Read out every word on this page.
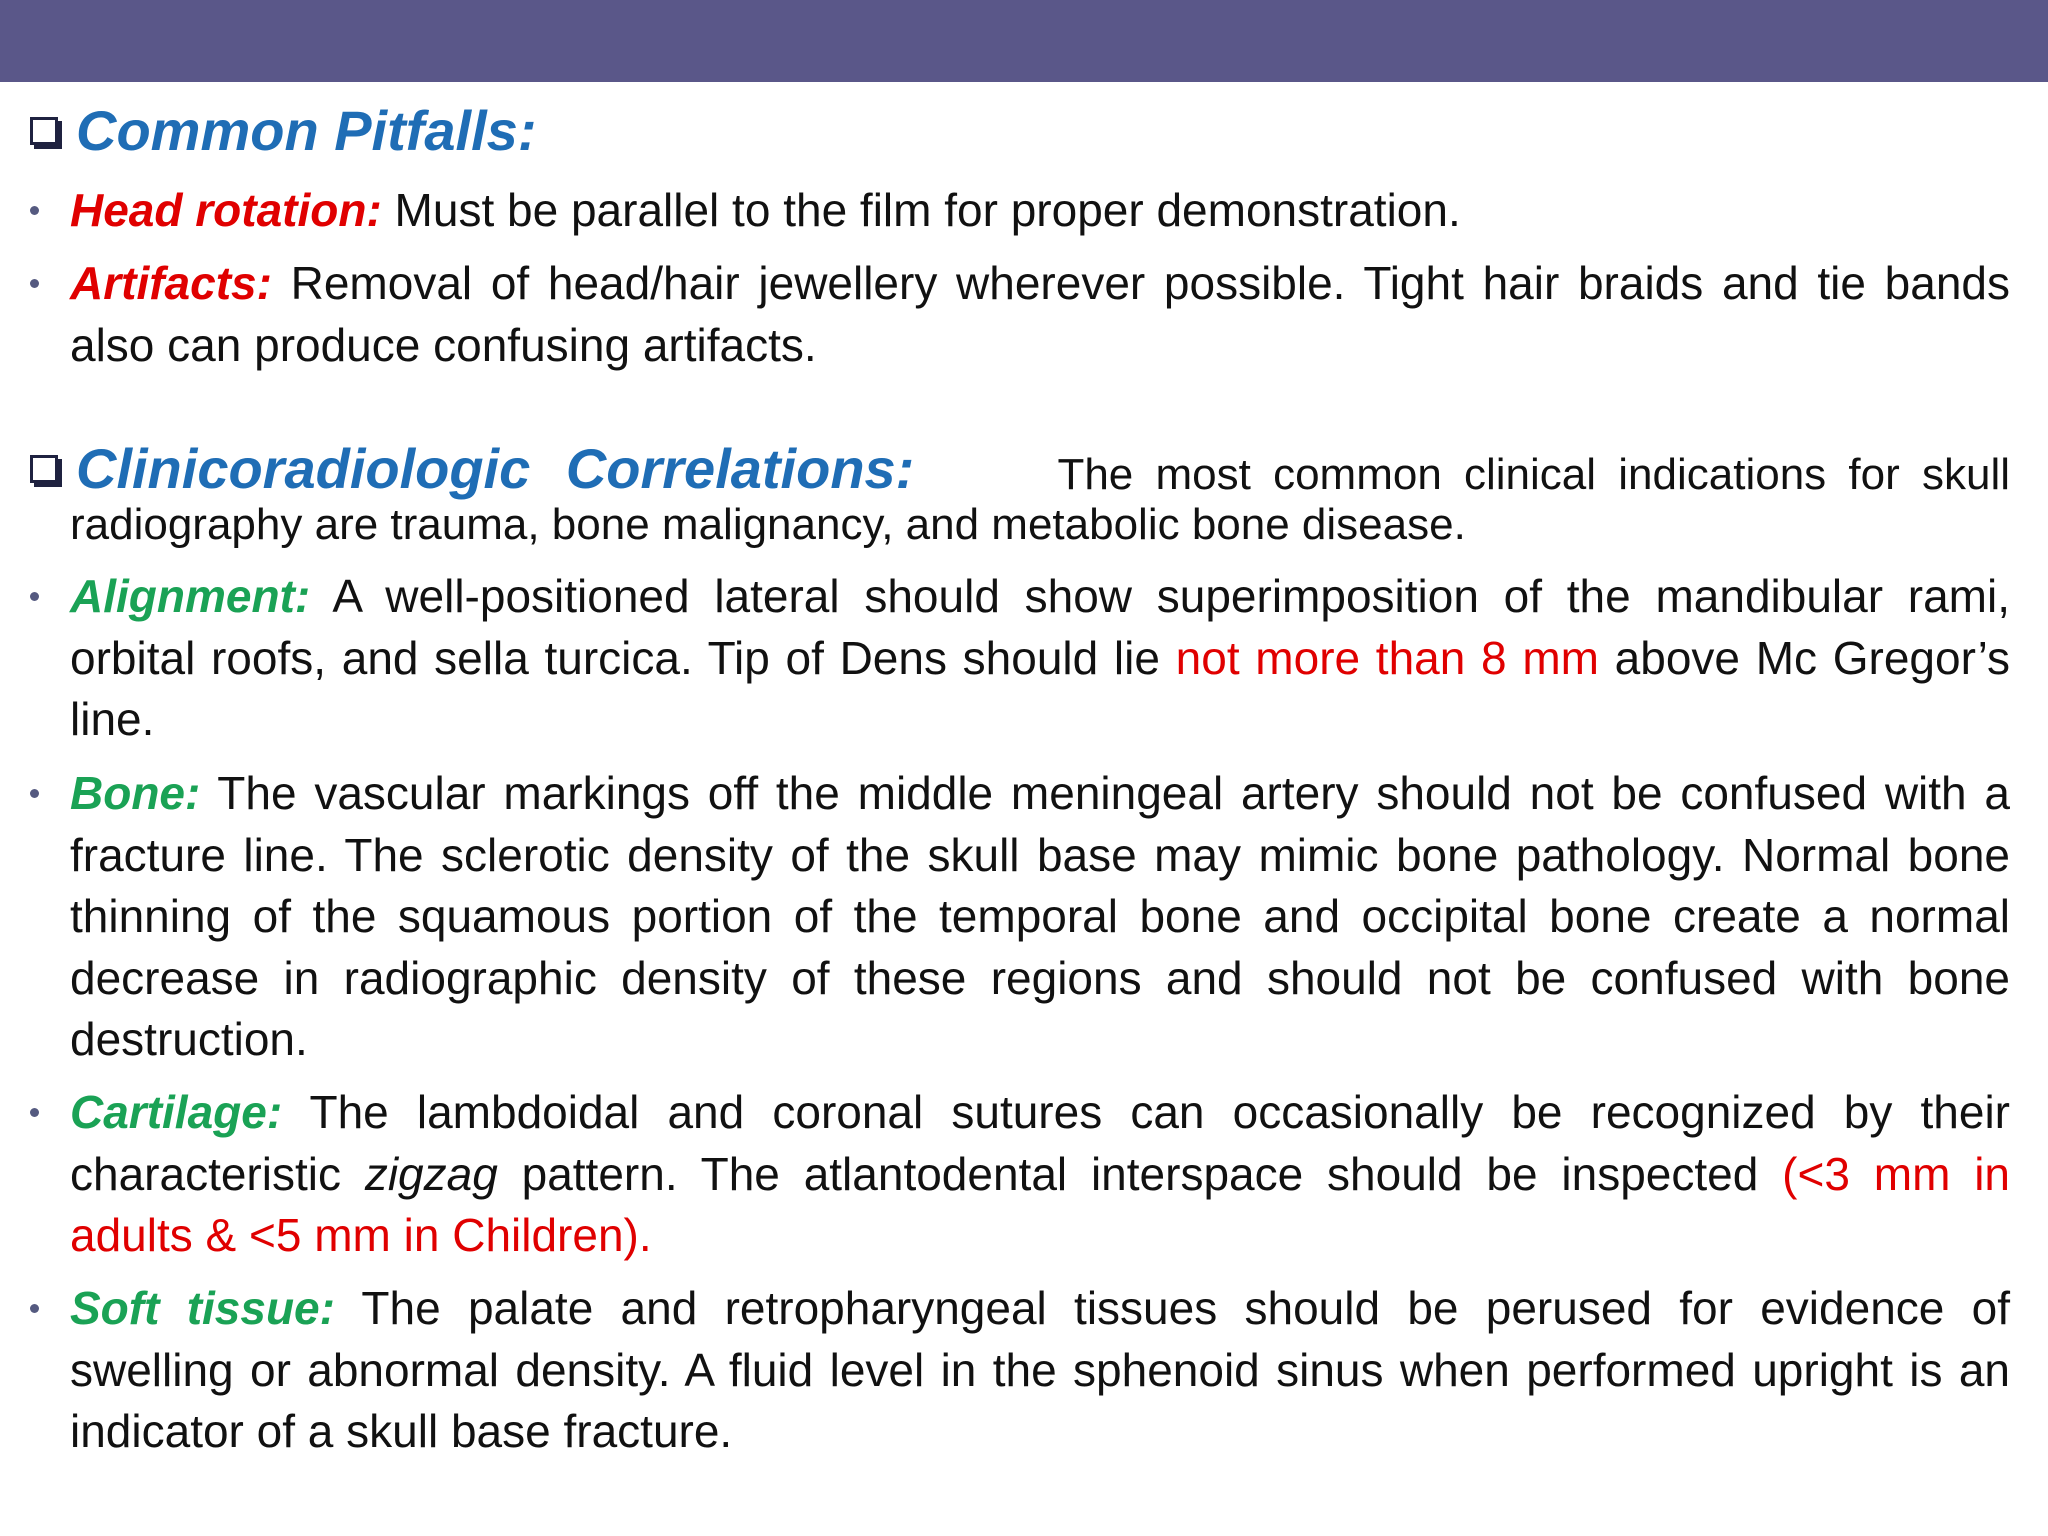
Common Pitfalls:
Head rotation: Must be parallel to the film for proper demonstration.
Artifacts: Removal of head/hair jewellery wherever possible. Tight hair braids and tie bands also can produce confusing artifacts.
Clinicoradiologic Correlations:	The most common clinical indications for skull
radiography are trauma, bone malignancy, and metabolic bone disease.
Alignment: A well-positioned lateral should show superimposition of the mandibular rami, orbital roofs, and sella turcica. Tip of Dens should lie not more than 8 mm above Mc Gregor’s line.
Bone: The vascular markings off the middle meningeal artery should not be confused with a fracture line. The sclerotic density of the skull base may mimic bone pathology. Normal bone thinning of the squamous portion of the temporal bone and occipital bone create a normal decrease in radiographic density of these regions and should not be confused with bone destruction.
Cartilage: The lambdoidal and coronal sutures can occasionally be recognized by their characteristic zigzag pattern. The atlantodental interspace should be inspected (<3 mm in adults & <5 mm in Children).
Soft tissue: The palate and retropharyngeal tissues should be perused for evidence of swelling or abnormal density. A fluid level in the sphenoid sinus when performed upright is an indicator of a skull base fracture.
